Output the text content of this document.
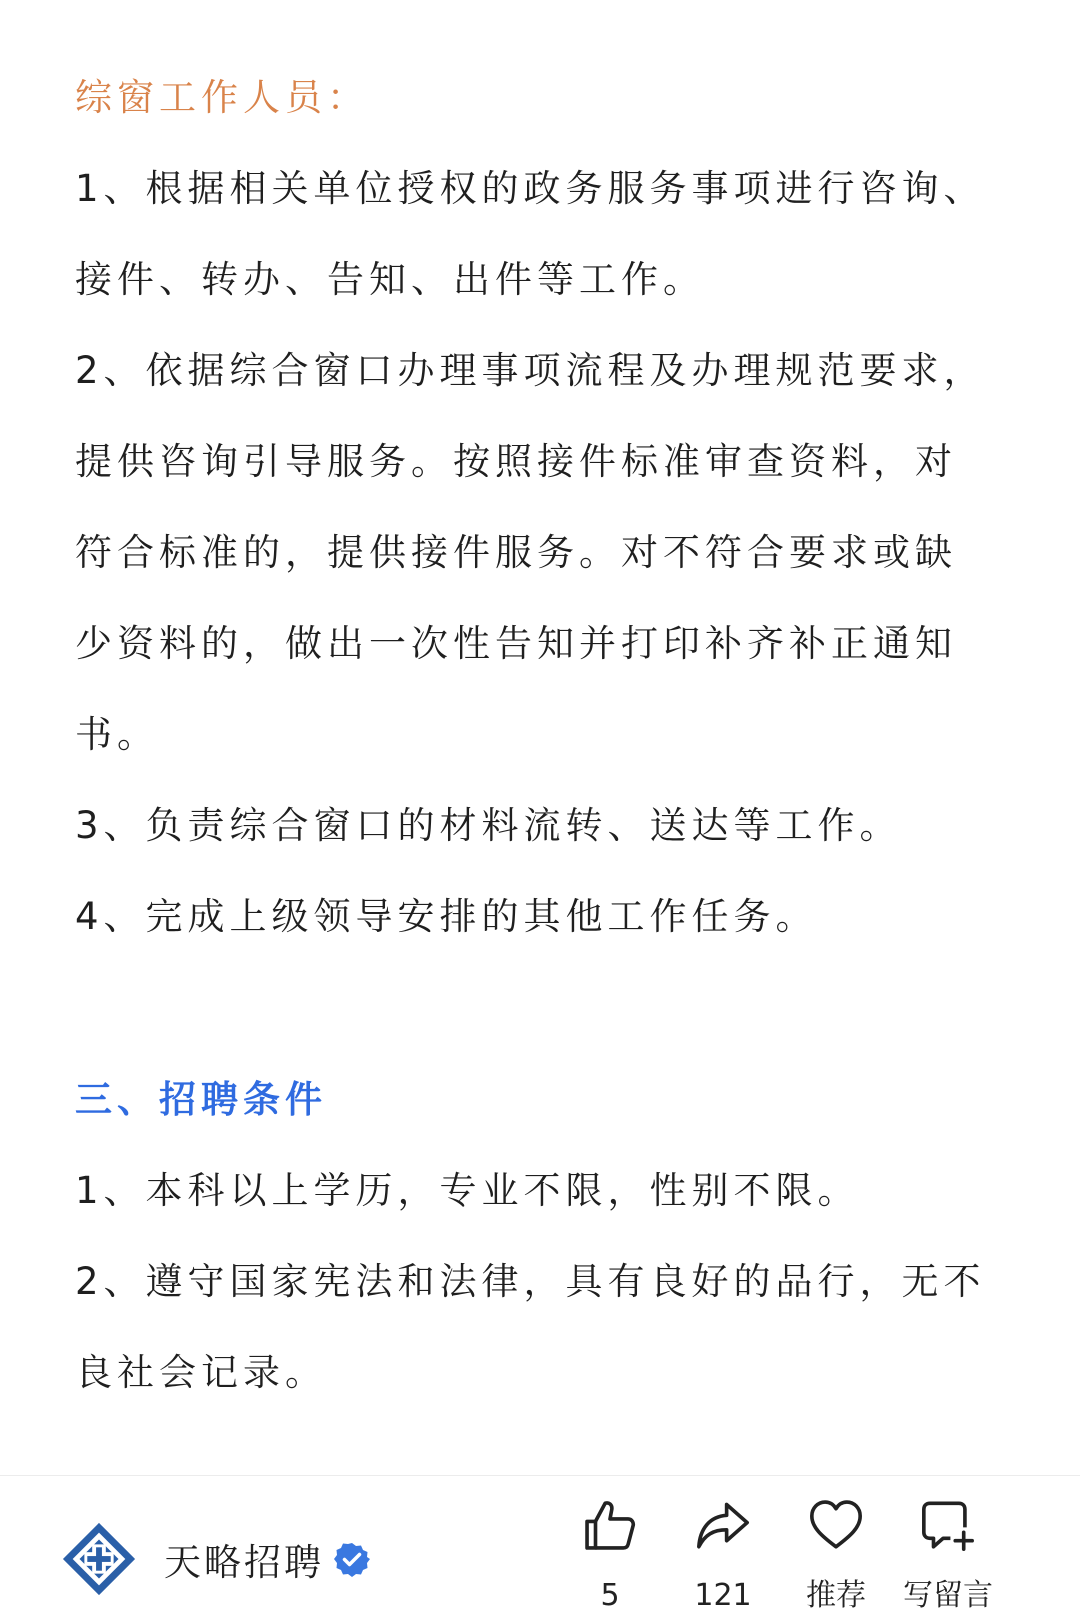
综窗工作人员：
1、根据相关单位授权的政务服务事项进行咨询、
接件、转办、告知、出件等工作。
2、依据综合窗口办理事项流程及办理规范要求，
提供咨询引导服务。按照接件标准审查资料，对
符合标准的，提供接件服务。对不符合要求或缺
少资料的，做出一次性告知并打印补齐补正通知
书。
3、负责综合窗口的材料流转、送达等工作。
4、完成上级领导安排的其他工作任务。
三、招聘条件
1、本科以上学历，专业不限，性别不限。
2、遵守国家宪法和法律，具有良好的品行，无不
良社会记录。
天略招聘
5	121	推荐	写留言
